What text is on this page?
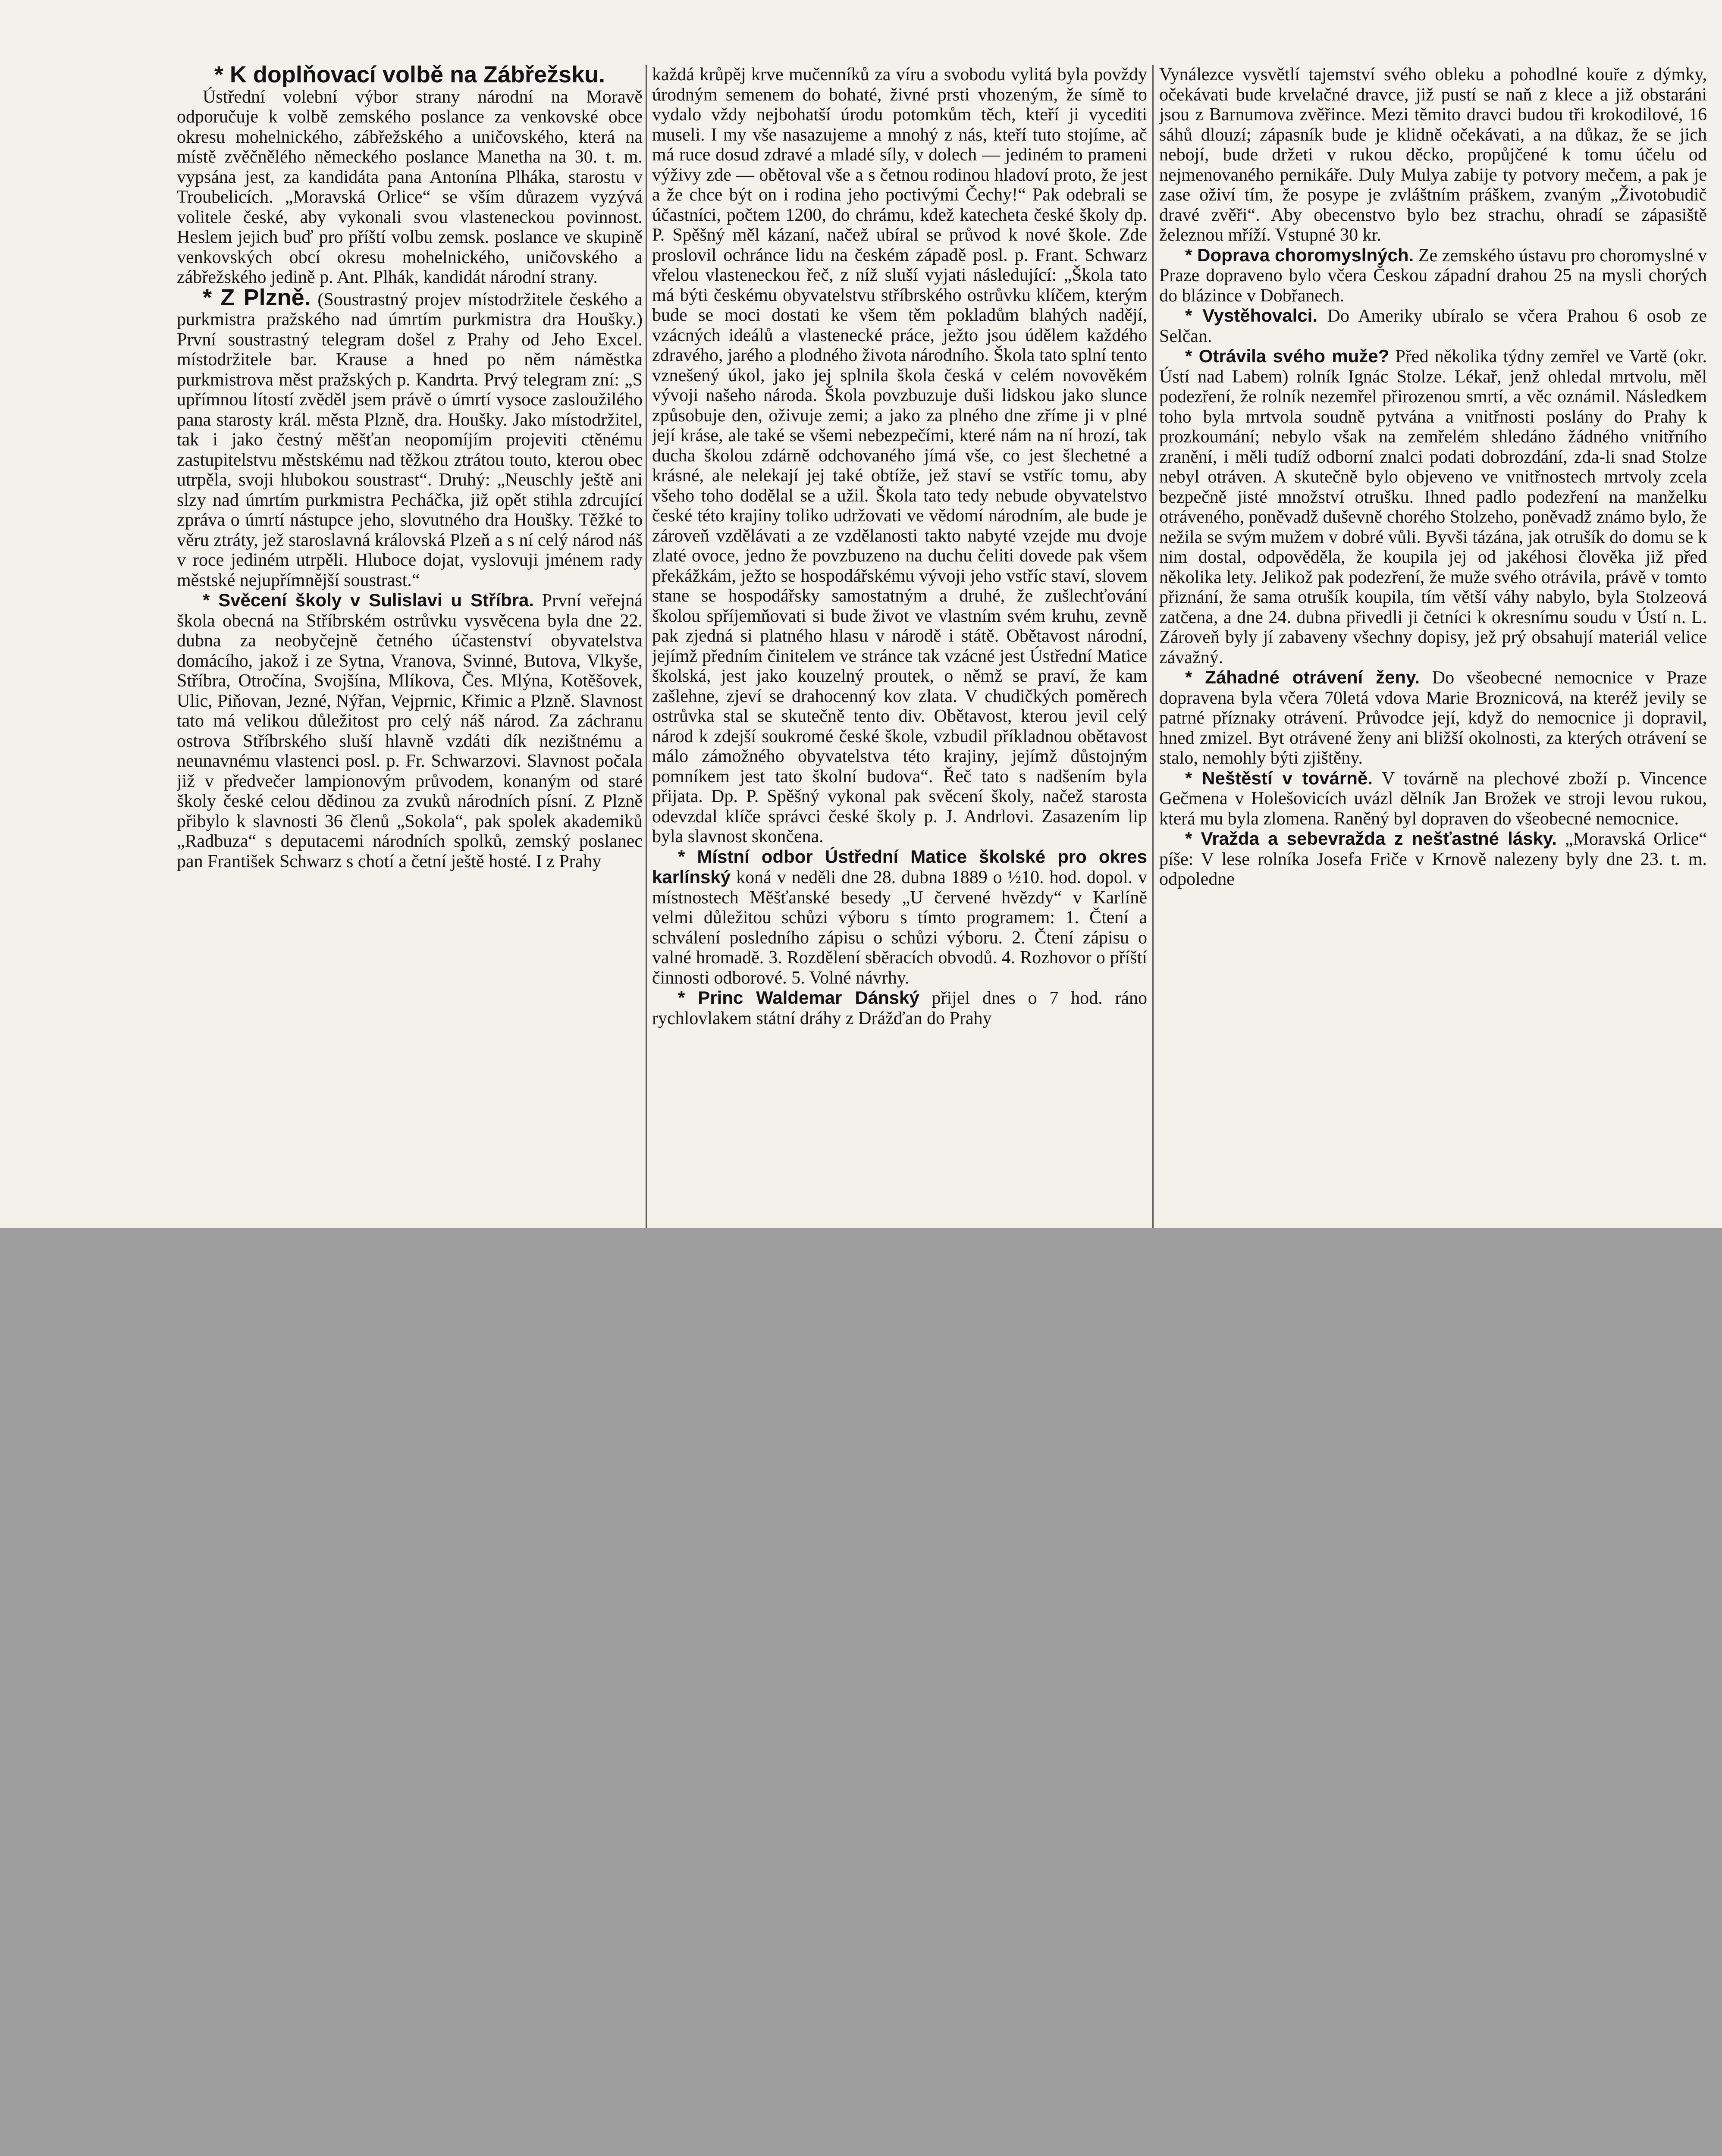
* K doplňovací volbě na Zábřežsku.

Ústřední volební výbor strany národní na Moravě odporučuje k volbě zemského poslance za venkovské obce okresu mohelnického, zábřežského a uničovského, která na místě zvěčnělého německého poslance Manetha na 30. t. m. vypsána jest, za kandidáta pana Antonína Plháka, starostu v Troubelicích. „Moravská Orlice“ se vším důrazem vyzývá volitele české, aby vykonali svou vlasteneckou povinnost. Heslem jejich buď pro příští volbu zemsk. poslance ve skupině venkovských obcí okresu mohelnického, uničovského a zábřežského jedině p. Ant. Plhák, kandidát národní strany.

* Z Plzně. (Soustrastný projev místodržitele českého a purkmistra pražského nad úmrtím purkmistra dra Houšky.) První soustrastný telegram došel z Prahy od Jeho Excel. místodržitele bar. Krause a hned po něm náměstka purkmistrova měst pražských p. Kandrta. Prvý telegram zní: „S upřímnou lítostí zvěděl jsem právě o úmrtí vysoce zasloužilého pana starosty král. města Plzně, dra. Houšky. Jako místodržitel, tak i jako čestný měšťan neopomíjím projeviti ctěnému zastupitelstvu městskému nad těžkou ztrátou touto, kterou obec utrpěla, svoji hlubokou soustrast“. Druhý: „Neuschly ještě ani slzy nad úmrtím purkmistra Pecháčka, již opět stihla zdrcující zpráva o úmrtí nástupce jeho, slovutného dra Houšky. Těžké to věru ztráty, jež staroslavná královská Plzeň a s ní celý národ náš v roce jediném utrpěli. Hluboce dojat, vyslovuji jménem rady městské nejupřímnější soustrast.“

* Svěcení školy v Sulislavi u Stříbra. První veřejná škola obecná na Stříbrském ostrůvku vysvěcena byla dne 22. dubna za neobyčejně četného účastenství obyvatelstva domácího, jakož i ze Sytna, Vranova, Svinné, Butova, Vlkyše, Stříbra, Otročína, Svojšína, Mlíkova, Čes. Mlýna, Kotěšovek, Ulic, Piňovan, Jezné, Nýřan, Vejprnic, Křimic a Plzně. Slavnost tato má velikou důležitost pro celý náš národ. Za záchranu ostrova Stříbrského sluší hlavně vzdáti dík nezištnému a neunavnému vlastenci posl. p. Fr. Schwarzovi. Slavnost počala již v předvečer lampionovým průvodem, konaným od staré školy české celou dědinou za zvuků národních písní. Z Plzně přibylo k slavnosti 36 členů „Sokola“, pak spolek akademiků „Radbuza“ s deputacemi národních spolků, zemský poslanec pan František Schwarz s chotí a četní ještě hosté. I z Prahy

každá krůpěj krve mučenníků za víru a svobodu vylitá byla povždy úrodným semenem do bohaté, živné prsti vhozeným, že símě to vydalo vždy nejbohatší úrodu potomkům těch, kteří ji vycediti museli. I my vše nasazujeme a mnohý z nás, kteří tuto stojíme, ač má ruce dosud zdravé a mladé síly, v dolech — jediném to prameni výživy zde — obětoval vše a s četnou rodinou hladoví proto, že jest a že chce být on i rodina jeho poctivými Čechy!“ Pak odebrali se účastníci, počtem 1200, do chrámu, kdež katecheta české školy dp. P. Spěšný měl kázaní, načež ubíral se průvod k nové škole. Zde proslovil ochránce lidu na českém západě posl. p. Frant. Schwarz vřelou vlasteneckou řeč, z níž sluší vyjati následující: „Škola tato má býti českému obyvatelstvu stříbrského ostrůvku klíčem, kterým bude se moci dostati ke všem těm pokladům blahých nadějí, vzácných ideálů a vlastenecké práce, ježto jsou údělem každého zdravého, jarého a plodného života národního. Škola tato splní tento vznešený úkol, jako jej splnila škola česká v celém novověkém vývoji našeho národa. Škola povzbuzuje duši lidskou jako slunce způsobuje den, oživuje zemi; a jako za plného dne zříme ji v plné její kráse, ale také se všemi nebezpečími, které nám na ní hrozí, tak ducha školou zdárně odchovaného jímá vše, co jest šlechetné a krásné, ale nelekají jej také obtíže, jež staví se vstříc tomu, aby všeho toho dodělal se a užil. Škola tato tedy nebude obyvatelstvo české této krajiny toliko udržovati ve vědomí národním, ale bude je zároveň vzdělávati a ze vzdělanosti takto nabyté vzejde mu dvoje zlaté ovoce, jedno že povzbuzeno na duchu čeliti dovede pak všem překážkám, ježto se hospodářskému vývoji jeho vstříc staví, slovem stane se hospodářsky samostatným a druhé, že zušlechťování školou spříjemňovati si bude život ve vlastním svém kruhu, zevně pak zjedná si platného hlasu v národě i státě. Obětavost národní, jejímž předním činitelem ve stránce tak vzácné jest Ústřední Matice školská, jest jako kouzelný proutek, o němž se praví, že kam zašlehne, zjeví se drahocenný kov zlata. V chudičkých poměrech ostrůvka stal se skutečně tento div. Obětavost, kterou jevil celý národ k zdejší soukromé české škole, vzbudil příkladnou obětavost málo zámožného obyvatelstva této krajiny, jejímž důstojným pomníkem jest tato školní budova“. Řeč tato s nadšením byla přijata. Dp. P. Spěšný vykonal pak svěcení školy, načež starosta odevzdal klíče správci české školy p. J. Andrlovi. Zasazením lip byla slavnost skončena.

* Místní odbor Ústřední Matice školské pro okres karlínský koná v neděli dne 28. dubna 1889 o ½10. hod. dopol. v místnostech Měšťanské besedy „U červené hvězdy“ v Karlíně velmi důležitou schůzi výboru s tímto programem: 1. Čtení a schválení posledního zápisu o schůzi výboru. 2. Čtení zápisu o valné hromadě. 3. Rozdělení sběracích obvodů. 4. Rozhovor o příští činnosti odborové. 5. Volné návrhy.

* Princ Waldemar Dánský přijel dnes o 7 hod. ráno rychlovlakem státní dráhy z Drážďan do Prahy

Vynálezce vysvětlí tajemství svého obleku a pohodlné kouře z dýmky, očekávati bude krvelačné dravce, již pustí se naň z klece a již obstaráni jsou z Barnumova zvěřince. Mezi těmito dravci budou tři krokodilové, 16 sáhů dlouzí; zápasník bude je klidně očekávati, a na důkaz, že se jich nebojí, bude držeti v rukou děcko, propůjčené k tomu účelu od nejmenovaného pernikáře. Duly Mulya zabije ty potvory mečem, a pak je zase oživí tím, že posype je zvláštním práškem, zvaným „Životobudič dravé zvěři“. Aby obecenstvo bylo bez strachu, ohradí se zápasiště železnou mříží. Vstupné 30 kr.

* Doprava choromyslných. Ze zemského ústavu pro choromyslné v Praze dopraveno bylo včera Českou západní drahou 25 na mysli chorých do blázince v Dobřanech.

* Vystěhovalci. Do Ameriky ubíralo se včera Prahou 6 osob ze Selčan.

* Otrávila svého muže? Před několika týdny zemřel ve Vartě (okr. Ústí nad Labem) rolník Ignác Stolze. Lékař, jenž ohledal mrtvolu, měl podezření, že rolník nezemřel přirozenou smrtí, a věc oznámil. Následkem toho byla mrtvola soudně pytvána a vnitřnosti poslány do Prahy k prozkoumání; nebylo však na zemřelém shledáno žádného vnitřního zranění, i měli tudíž odborní znalci podati dobrozdání, zda-li snad Stolze nebyl otráven. A skutečně bylo objeveno ve vnitřnostech mrtvoly zcela bezpečně jisté množství otrušku. Ihned padlo podezření na manželku otráveného, poněvadž duševně chorého Stolzeho, poněvadž známo bylo, že nežila se svým mužem v dobré vůli. Byvši tázána, jak otrušík do domu se k nim dostal, odpověděla, že koupila jej od jakéhosi člověka již před několika lety. Jelikož pak podezření, že muže svého otrávila, právě v tomto přiznání, že sama otrušík koupila, tím větší váhy nabylo, byla Stolzeová zatčena, a dne 24. dubna přivedli ji četníci k okresnímu soudu v Ústí n. L. Zároveň byly jí zabaveny všechny dopisy, jež prý obsahují materiál velice závažný.

* Záhadné otrávení ženy. Do všeobecné nemocnice v Praze dopravena byla včera 70letá vdova Marie Broznicová, na kteréž jevily se patrné příznaky otrávení. Průvodce její, když do nemocnice ji dopravil, hned zmizel. Byt otrávené ženy ani bližší okolnosti, za kterých otrávení se stalo, nemohly býti zjištěny.

* Neštěstí v továrně. V továrně na plechové zboží p. Vincence Gečmena v Holešovicích uvázl dělník Jan Brožek ve stroji levou rukou, která mu byla zlomena. Raněný byl dopraven do všeobecné nemocnice.

* Vražda a sebevražda z nešťastné lásky. „Moravská Orlice“ píše: V lese rolníka Josefa Friče v Krnově nalezeny byly dne 23. t. m. odpoledne
